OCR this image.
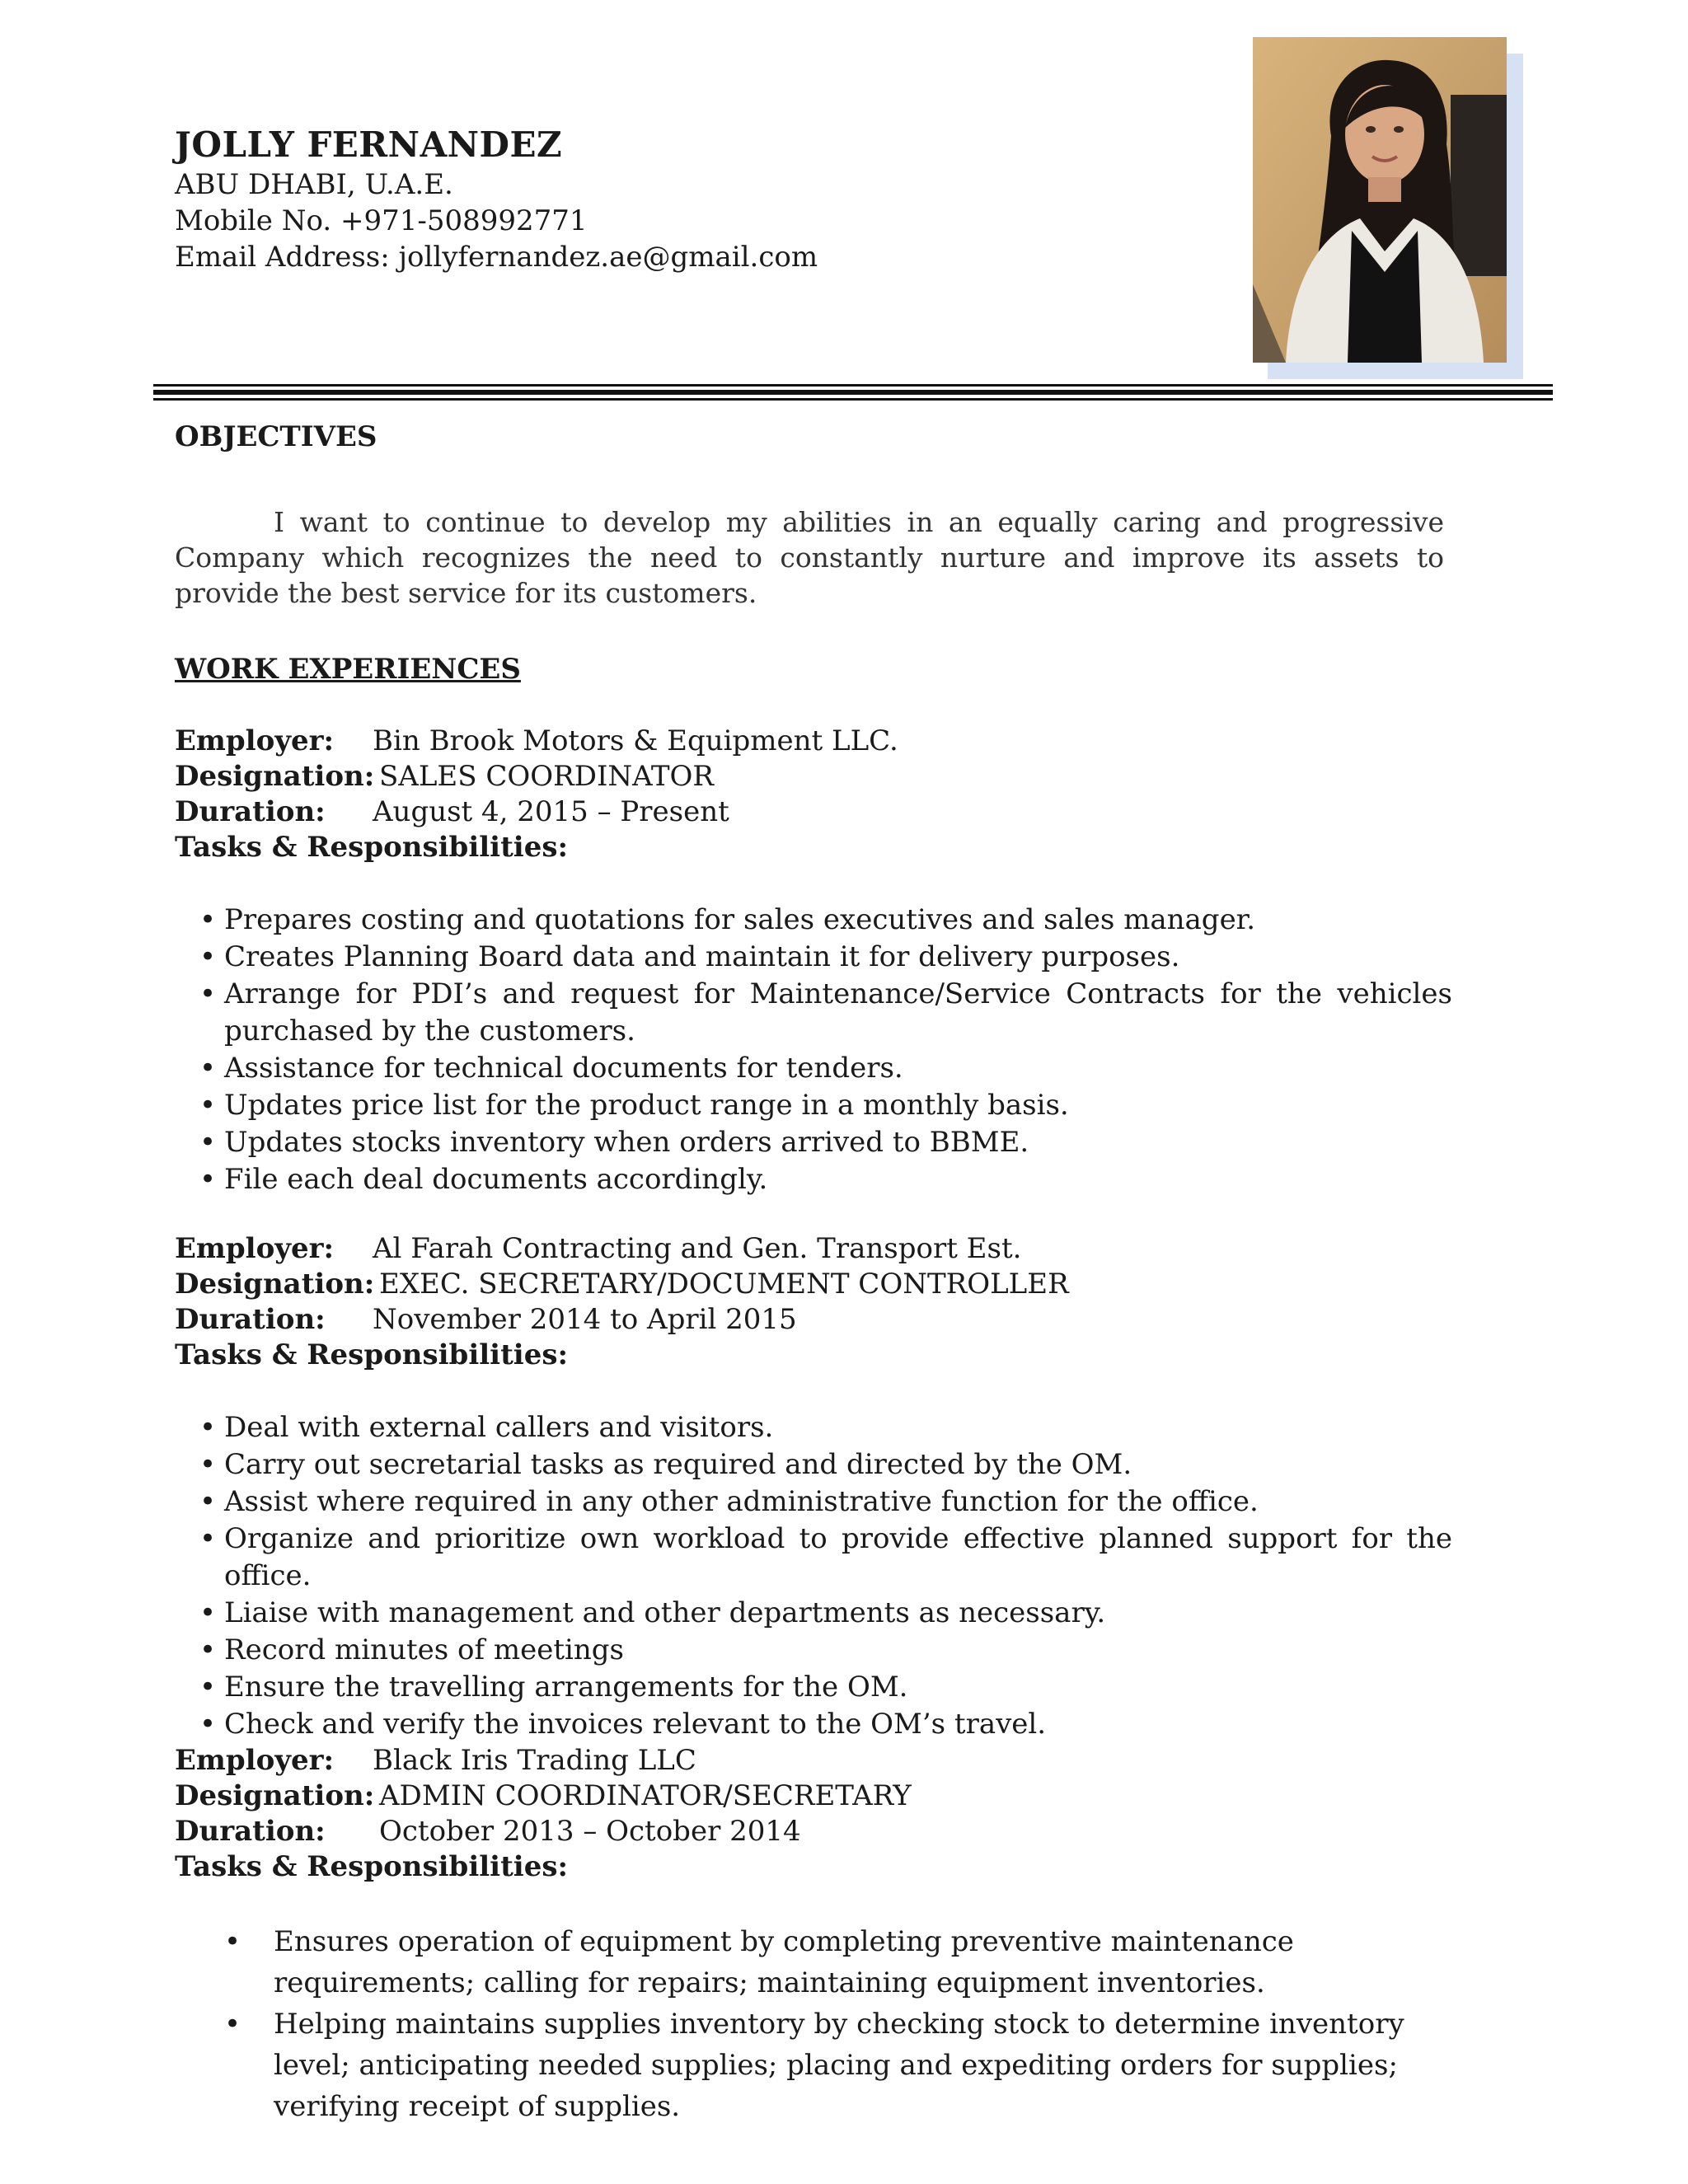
JOLLY FERNANDEZ
ABU DHABI, U.A.E.
Mobile No. +971-508992771
Email Address: jollyfernandez.ae@gmail.com
OBJECTIVES
I want to continue to develop my abilities in an equally caring and progressive Company which recognizes the need to constantly nurture and improve its assets to provide the best service for its customers.
WORK EXPERIENCES
Employer: Bin Brook Motors & Equipment LLC.
Designation: SALES COORDINATOR
Duration: August 4, 2015 – Present
Tasks & Responsibilities:
• Prepares costing and quotations for sales executives and sales manager.
• Creates Planning Board data and maintain it for delivery purposes.
• Arrange for PDI’s and request for Maintenance/Service Contracts for the vehicles purchased by the customers.
• Assistance for technical documents for tenders.
• Updates price list for the product range in a monthly basis.
• Updates stocks inventory when orders arrived to BBME.
• File each deal documents accordingly.
Employer: Al Farah Contracting and Gen. Transport Est.
Designation: EXEC. SECRETARY/DOCUMENT CONTROLLER
Duration: November 2014 to April 2015
Tasks & Responsibilities:
• Deal with external callers and visitors.
• Carry out secretarial tasks as required and directed by the OM.
• Assist where required in any other administrative function for the office.
• Organize and prioritize own workload to provide effective planned support for the office.
• Liaise with management and other departments as necessary.
• Record minutes of meetings
• Ensure the travelling arrangements for the OM.
• Check and verify the invoices relevant to the OM’s travel.
Employer: Black Iris Trading LLC
Designation: ADMIN COORDINATOR/SECRETARY
Duration: October 2013 – October 2014
Tasks & Responsibilities:
• Ensures operation of equipment by completing preventive maintenance requirements; calling for repairs; maintaining equipment inventories.
• Helping maintains supplies inventory by checking stock to determine inventory level; anticipating needed supplies; placing and expediting orders for supplies; verifying receipt of supplies.
